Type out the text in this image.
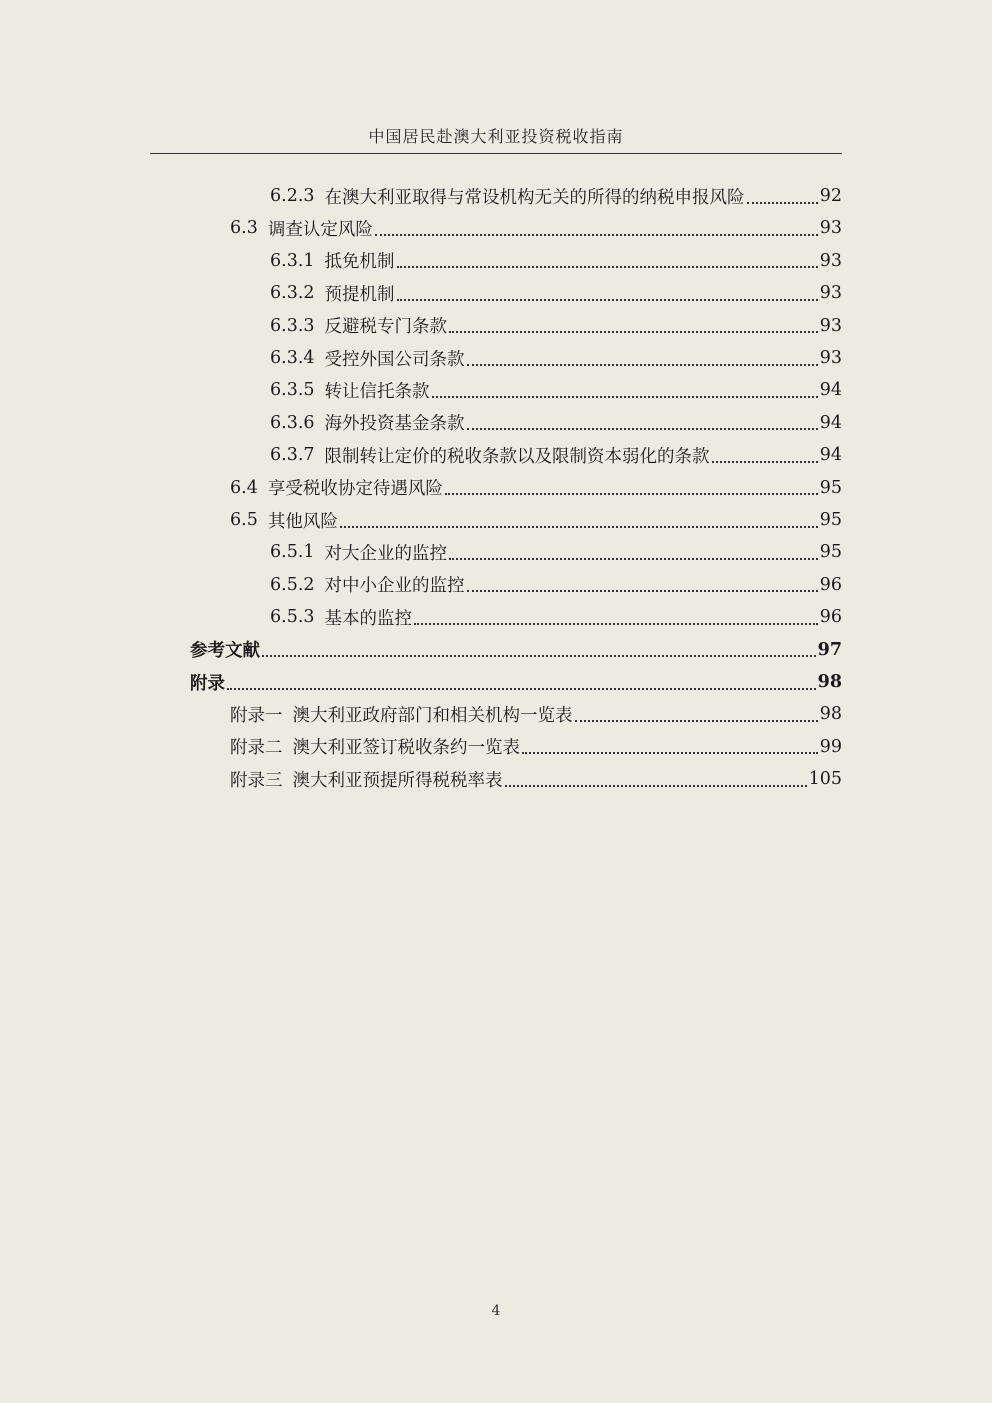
中国居民赴澳大利亚投资税收指南
6.2.3 在澳大利亚取得与常设机构无关的所得的纳税申报风险	92
6.3 调查认定风险	93
6.3.1 抵免机制	93
6.3.2 预提机制	93
6.3.3 反避税专门条款	93
6.3.4 受控外国公司条款	93
6.3.5 转让信托条款	94
6.3.6 海外投资基金条款	94
6.3.7 限制转让定价的税收条款以及限制资本弱化的条款	94
6.4 享受税收协定待遇风险	95
6.5 其他风险	95
6.5.1 对大企业的监控	95
6.5.2 对中小企业的监控	96
6.5.3 基本的监控	96
参考文献	97
附录	98
附录一 澳大利亚政府部门和相关机构一览表	98
附录二 澳大利亚签订税收条约一览表	99
附录三 澳大利亚预提所得税税率表	105
4
